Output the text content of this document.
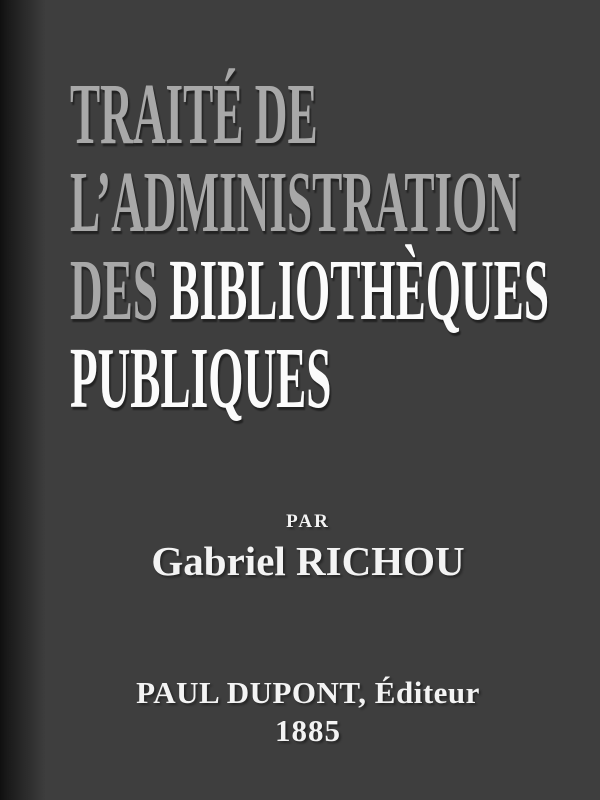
TRAITÉ DE
L’ADMINISTRATION
DES BIBLIOTHÈQUES
PUBLIQUES
PAR
Gabriel RICHOU
PAUL DUPONT, Éditeur
1885
